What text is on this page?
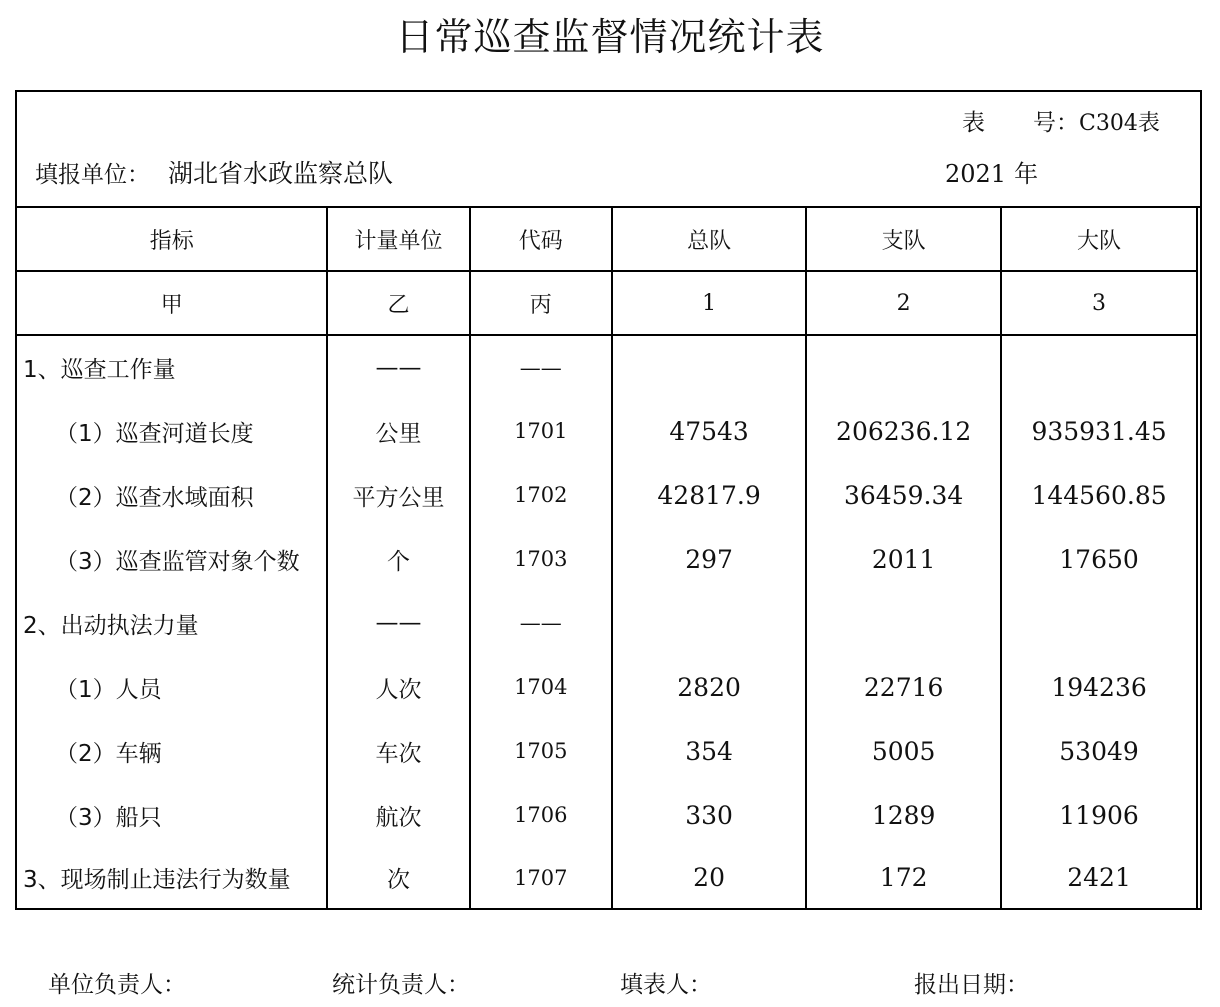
日常巡查监督情况统计表
表 号：C304表
填报单位： 湖北省水政监察总队	2021 年
指标	计量单位	代码	总队	支队	大队
甲	乙	丙	1	2	3
1、巡查工作量	——	——			
（1）巡查河道长度	公里	1701	47543	206236.12	935931.45
（2）巡查水域面积	平方公里	1702	42817.9	36459.34	144560.85
（3）巡查监管对象个数	个	1703	297	2011	17650
2、出动执法力量	——	——			
（1）人员	人次	1704	2820	22716	194236
（2）车辆	车次	1705	354	5005	53049
（3）船只	航次	1706	330	1289	11906
3、现场制止违法行为数量	次	1707	20	172	2421
单位负责人：	统计负责人：	填表人：	报出日期：
